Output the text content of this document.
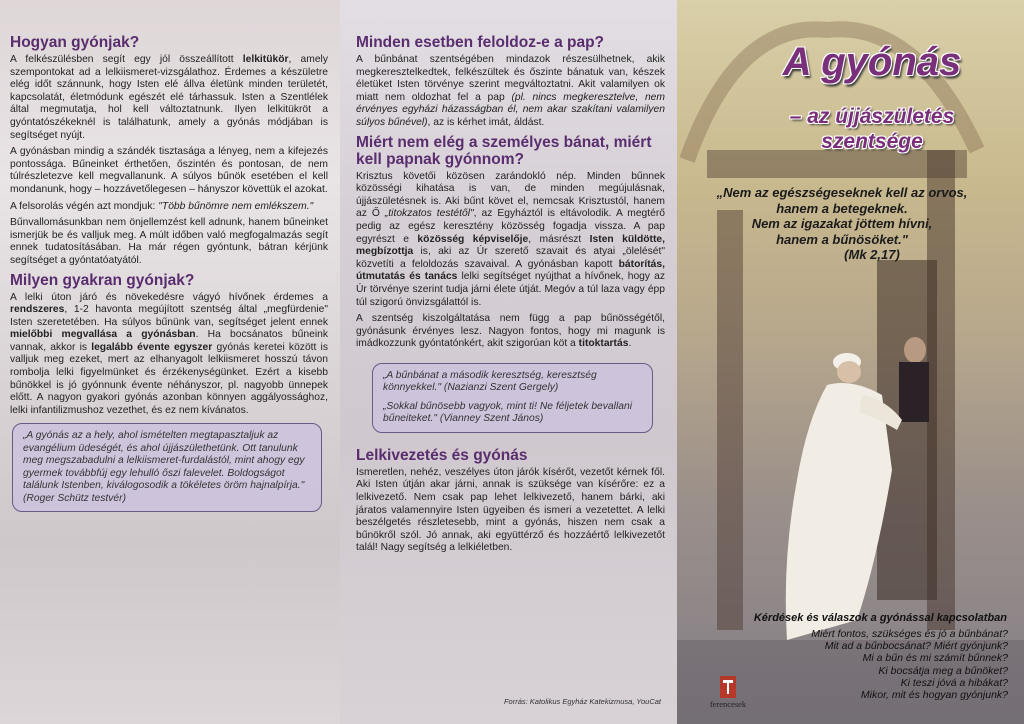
Hogyan gyónjak?

A felkészülésben segít egy jól összeállított lelkitükör, amely szempontokat ad a lelkiismeret-vizsgálathoz. Érdemes a készületre elég időt szánnunk, hogy Isten elé állva életünk minden területét, kapcsolatát, életmódunk egészét elé tárhassuk. Isten a Szentlélek által megmutatja, hol kell változtatnunk. Ilyen lelkitükröt a gyóntatószékeknél is találhatunk, amely a gyónás módjában is segítséget nyújt.

A gyónásban mindig a szándék tisztasága a lényeg, nem a kifejezés pontossága. Bűneinket érthetően, őszintén és pontosan, de nem túlrészletezve kell megvallanunk. A súlyos bűnök esetében el kell mondanunk, hogy – hozzávetőlegesen – hányszor követtük el azokat.

A felsorolás végén azt mondjuk: "Több bűnömre nem emlékszem."

Bűnvallomásunkban nem önjellemzést kell adnunk, hanem bűneinket ismerjük be és valljuk meg. A múlt időben való megfogalmazás segít ennek tudatosításában. Ha már régen gyóntunk, bátran kérjünk segítséget a gyóntatóatyától.

Milyen gyakran gyónjak?

A lelki úton járó és növekedésre vágyó hívőnek érdemes a rendszeres, 1-2 havonta megújított szentség által „megfürdenie" Isten szeretetében. Ha súlyos bűnünk van, segítséget jelent ennek mielőbbi megvallása a gyónásban. Ha bocsánatos bűneink vannak, akkor is legalább évente egyszer gyónás keretei között is valljuk meg ezeket, mert az elhanyagolt lelkiismeret hosszú távon rombolja lelki figyelmünket és érzékenységünket. Ezért a kisebb bűnökkel is jó gyónnunk évente néhányszor, pl. nagyobb ünnepek előtt. A nagyon gyakori gyónás azonban könnyen aggályossághoz, lelki infantilizmushoz vezethet, és ez nem kívánatos.

„A gyónás az a hely, ahol ismételten megtapasztaljuk az evangélium üdeségét, és ahol újjászülethetünk. Ott tanulunk meg megszabadulni a lelkiismeret-furdalástól, mint ahogy egy gyermek továbbfúj egy lehulló őszi falevelet. Boldogságot találunk Istenben, kiválogosodik a tökéletes öröm hajnalpírja." (Roger Schütz testvér)
Minden esetben feloldoz-e a pap?

A bűnbánat szentségében mindazok részesülhetnek, akik megkeresztelkedtek, felkészültek és őszinte bánatuk van, készek életüket Isten törvénye szerint megváltoztatni. Akit valamilyen ok miatt nem oldozhat fel a pap (pl. nincs megkeresztelve, nem érvényes egyházi házasságban él, nem akar szakítani valamilyen súlyos bűnével), az is kérhet imát, áldást.

Miért nem elég a személyes bánat, miért kell papnak gyónnom?

Krisztus követői közösen zarándokló nép. Minden bűnnek közösségi kihatása is van, de minden megújulásnak, újjászületésnek is. Aki bűnt követ el, nemcsak Krisztustól, hanem az Ő „titokzatos testétől", az Egyháztól is eltávolodik. A megtérő pedig az egész keresztény közösség fogadja vissza. A pap egyrészt e közösség képviselője, másrészt Isten küldötte, megbízottja is, aki az Úr szerető szavait és atyai „ölelését" közvetíti a feloldozás szavaival. A gyónásban kapott bátorítás, útmutatás és tanács lelki segítséget nyújthat a hívőnek, hogy az Úr törvénye szerint tudja járni élete útját. Megóv a túl laza vagy épp túl szigorú önvizsgálattól is.

A szentség kiszolgáltatása nem függ a pap bűnösségétől, gyónásunk érvényes lesz. Nagyon fontos, hogy mi magunk is imádkozzunk gyóntatónkért, akit szigorúan köt a titoktartás.

„A bűnbánat a második keresztség, keresztség könnyekkel." (Nazianzi Szent Gergely)
„Sokkal bűnösebb vagyok, mint ti! Ne féljetek bevallani bűneiteket." (Vianney Szent János)
Lelkivezetés és gyónás

Ismeretlen, nehéz, veszélyes úton járók kísérőt, vezetőt kérnek fől. Aki Isten útján akar járni, annak is szüksége van kísérőre: ez a lelkivezető. Nem csak pap lehet lelkivezető, hanem bárki, aki járatos valamennyire Isten ügyeiben és ismeri a vezetettet. A lelki beszélgetés részletesebb, mint a gyónás, hiszen nem csak a bűnökről szól. Jó annak, aki együttérző és hozzáértő lelkivezetőt talál! Nagy segítség a lelkiéletben.

Forrás: Katolikus Egyház Katekizmusa, YouCat
A gyónás
– az újjászületés
szentsége
„Nem az egészségeseknek kell az orvos,
hanem a betegeknek.
Nem az igazakat jöttem hívni,
hanem a bűnösöket."
(Mk 2,17)
Kérdések és válaszok a gyónással kapcsolatban
Miért fontos, szükséges és jó a bűnbánat?
Mit ad a bűnbocsánat? Miért gyónjunk?
Mi a bűn és mi számít bűnnek?
Ki bocsátja meg a bűnöket?
Ki teszi jóvá a hibákat?
Mikor, mit és hogyan gyónjunk?
ferencesek
